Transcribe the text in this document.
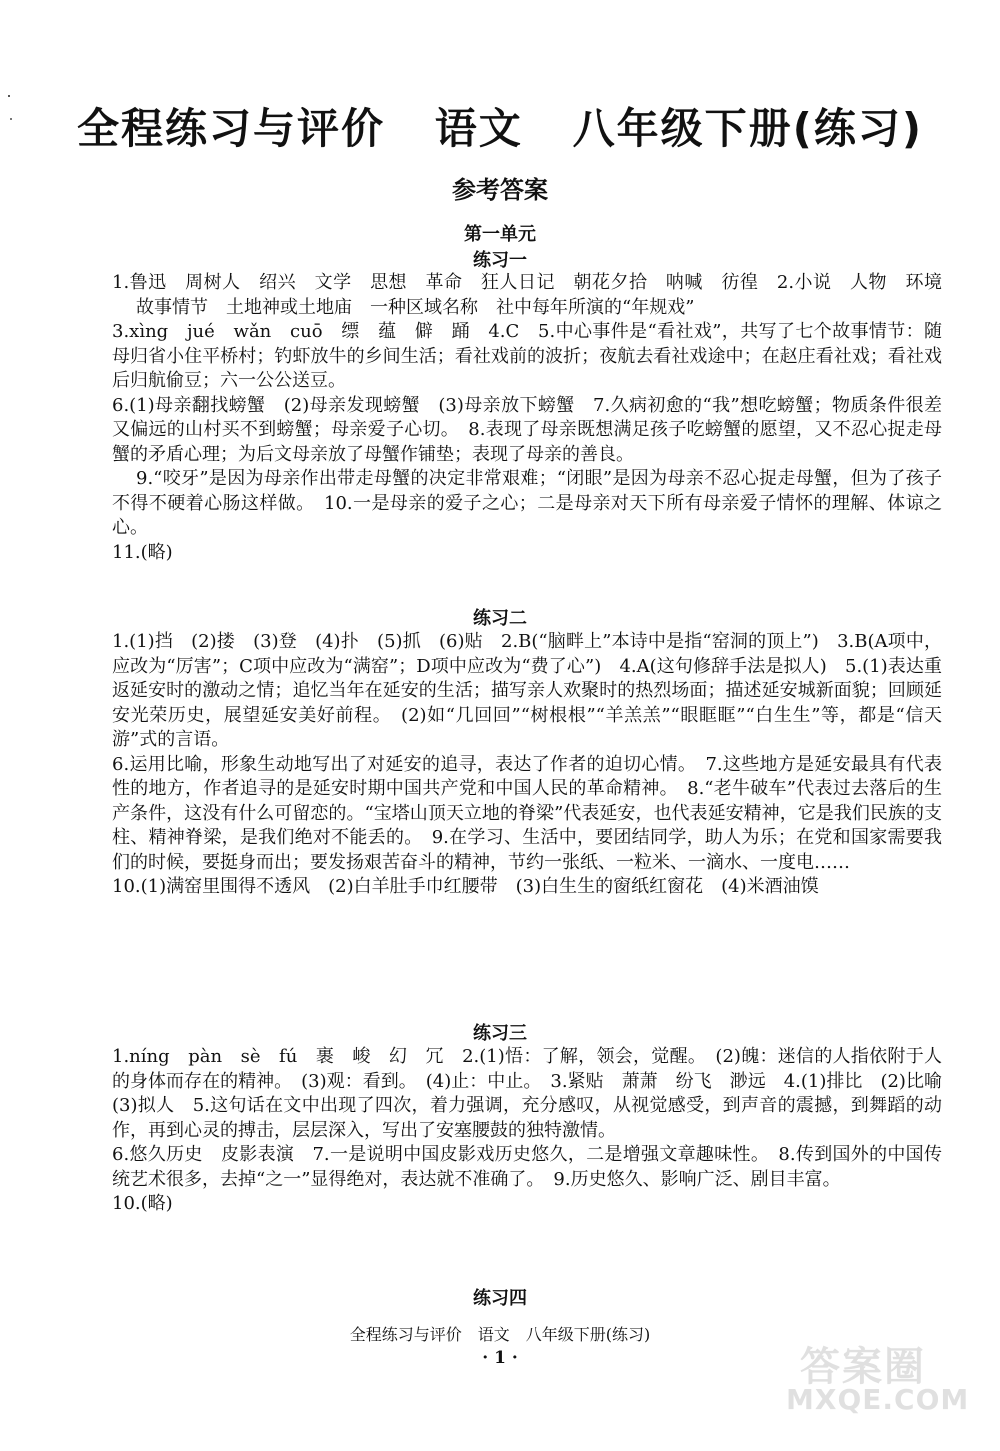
全程练习与评价   语文   八年级下册(练习)
参考答案
第一单元
练习一

1.鲁迅　周树人　绍兴　文学　思想　革命　狂人日记　朝花夕拾　呐喊　彷徨　2.小说　人物　环境　故事情节　土地神或土地庙　一种区域名称　社中每年所演的“年规戏”

3.xìng　jué　wǎn　cuō　缥　蕴　僻　踊　4.C　5.中心事件是“看社戏”，共写了七个故事情节：随母归省小住平桥村；钓虾放牛的乡间生活；看社戏前的波折；夜航去看社戏途中；在赵庄看社戏；看社戏后归航偷豆；六一公公送豆。

6.(1)母亲翻找螃蟹　(2)母亲发现螃蟹　(3)母亲放下螃蟹　7.久病初愈的“我”想吃螃蟹；物质条件很差又偏远的山村买不到螃蟹；母亲爱子心切。　8.表现了母亲既想满足孩子吃螃蟹的愿望，又不忍心捉走母蟹的矛盾心理；为后文母亲放了母蟹作铺垫；表现了母亲的善良。

9.“咬牙”是因为母亲作出带走母蟹的决定非常艰难；“闭眼”是因为母亲不忍心捉走母蟹，但为了孩子不得不硬着心肠这样做。　10.一是母亲的爱子之心；二是母亲对天下所有母亲爱子情怀的理解、体谅之心。

11.(略)

练习二

1.(1)挡　(2)搂　(3)登　(4)扑　(5)抓　(6)贴　2.B(“脑畔上”本诗中是指“窑洞的顶上”)　3.B(A项中，应改为“厉害”；C项中应改为“满窑”；D项中应改为“费了心”)　4.A(这句修辞手法是拟人)　5.(1)表达重返延安时的激动之情；追忆当年在延安的生活；描写亲人欢聚时的热烈场面；描述延安城新面貌；回顾延安光荣历史，展望延安美好前程。　(2)如“几回回”“树根根”“羊羔羔”“眼眶眶”“白生生”等，都是“信天游”式的言语。

6.运用比喻，形象生动地写出了对延安的追寻，表达了作者的迫切心情。　7.这些地方是延安最具有代表性的地方，作者追寻的是延安时期中国共产党和中国人民的革命精神。　8.“老牛破车”代表过去落后的生产条件，这没有什么可留恋的。“宝塔山顶天立地的脊梁”代表延安，也代表延安精神，它是我们民族的支柱、精神脊梁，是我们绝对不能丢的。　9.在学习、生活中，要团结同学，助人为乐；在党和国家需要我们的时候，要挺身而出；要发扬艰苦奋斗的精神，节约一张纸、一粒米、一滴水、一度电……

10.(1)满窑里围得不透风　(2)白羊肚手巾红腰带　(3)白生生的窗纸红窗花　(4)米酒油馍

练习三

1.níng　pàn　sè　fú　裹　峻　幻　冗　2.(1)悟：了解，领会，觉醒。　(2)魄：迷信的人指依附于人的身体而存在的精神。　(3)观：看到。　(4)止：中止。　3.紧贴　萧萧　纷飞　渺远　4.(1)排比　(2)比喻　(3)拟人　5.这句话在文中出现了四次，着力强调，充分感叹，从视觉感受，到声音的震撼，到舞蹈的动作，再到心灵的搏击，层层深入，写出了安塞腰鼓的独特激情。

6.悠久历史　皮影表演　7.一是说明中国皮影戏历史悠久，二是增强文章趣味性。　8.传到国外的中国传统艺术很多，去掉“之一”显得绝对，表达就不准确了。　9.历史悠久、影响广泛、剧目丰富。

10.(略)

练习四
全程练习与评价　语文　八年级下册(练习)
· 1 ·	答案圈
MXQE.COM
